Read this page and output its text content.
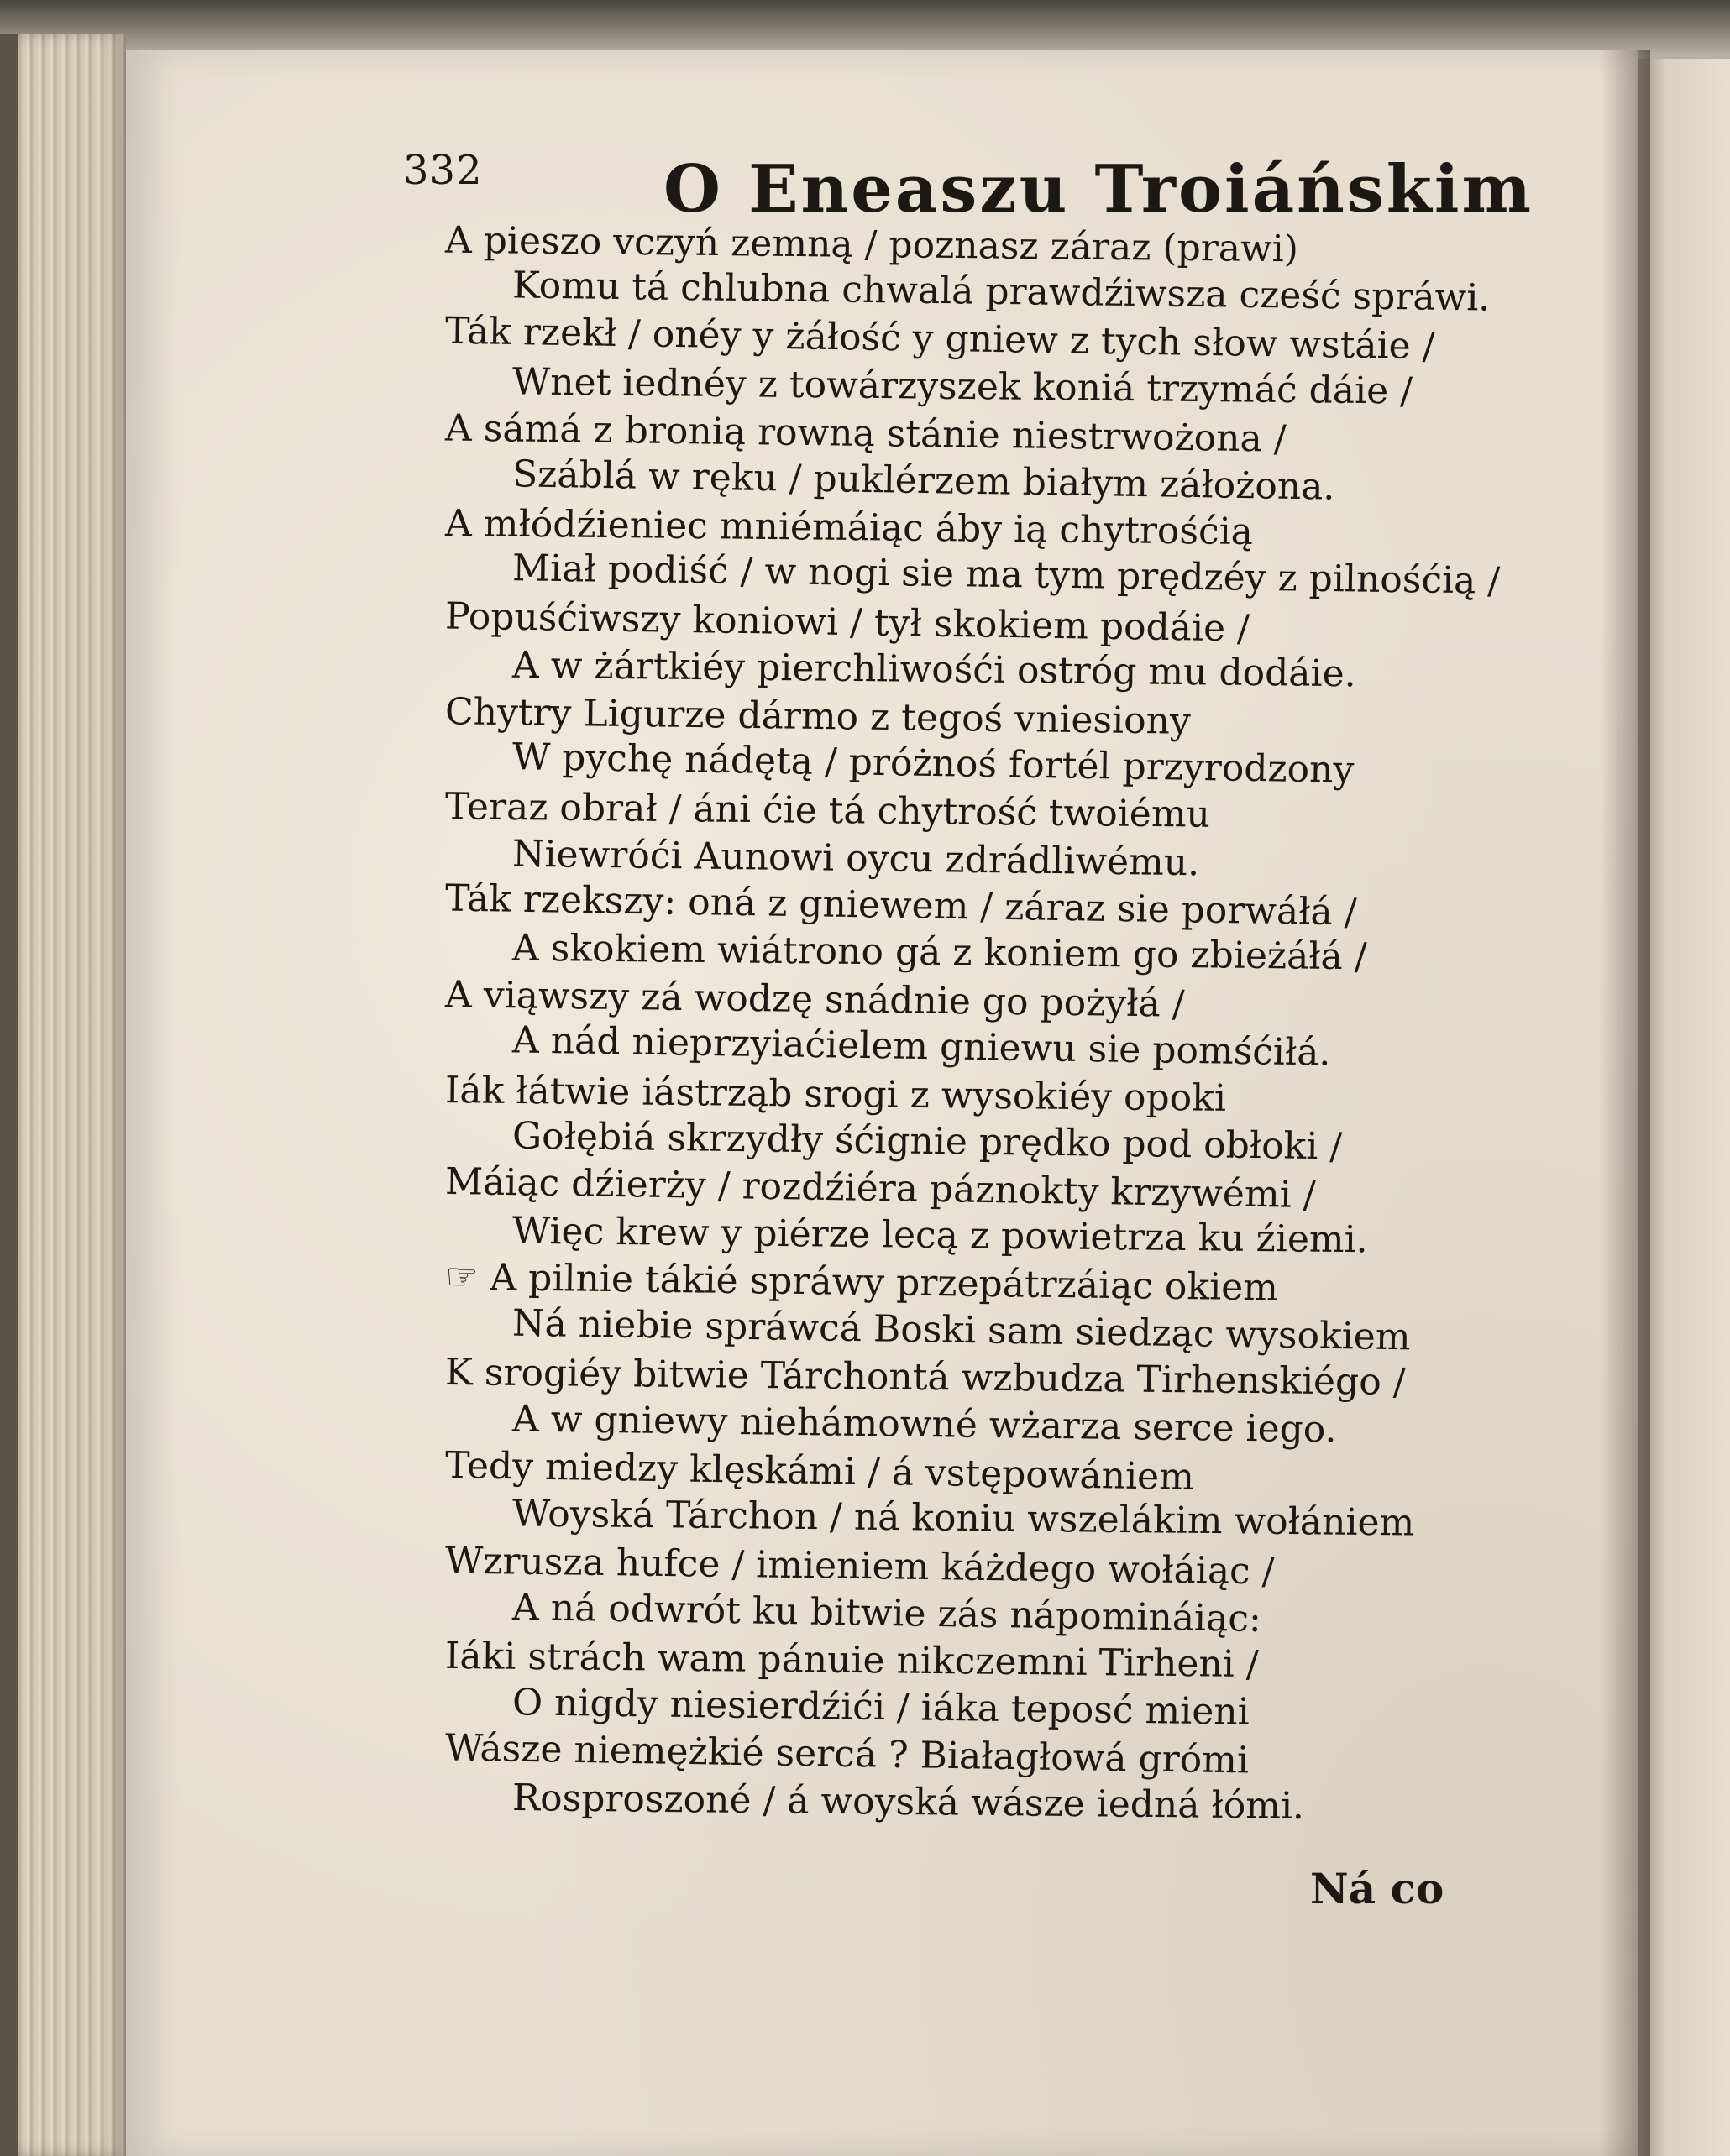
332	O Eneaszu Troiáńskim
A pieszo vczyń zemną / poznasz záraz (prawi)
Komu tá chlubna chwalá prawdźiwsza cześć spráwi.
Ták rzekł / onéy y żáłość y gniew z tych słow wstáie /
Wnet iednéy z towárzyszek koniá trzymáć dáie /
A sámá z bronią rowną stánie niestrwożona /
Száblá w ręku / puklérzem białym záłożona.
A młódźieniec mniémáiąc áby ią chytrośćią
Miał podiść / w nogi sie ma tym prędzéy z pilnośćią /
Popuśćiwszy koniowi / tył skokiem podáie /
A w żártkiéy pierchliwośći ostróg mu dodáie.
Chytry Ligurze dármo z tegoś vniesiony
W pychę nádętą / próżnoś fortél przyrodzony
Teraz obrał / áni ćie tá chytrość twoiému
Niewróći Aunowi oycu zdrádliwému.
Ták rzekszy: oná z gniewem / záraz sie porwáłá /
A skokiem wiátrono gá z koniem go zbieżáłá /
A viąwszy zá wodzę snádnie go pożyłá /
A nád nieprzyiaćielem gniewu sie pomśćiłá.
Iák łátwie iástrząb srogi z wysokiéy opoki
Gołębiá skrzydły śćignie prędko pod obłoki /
Máiąc dźierży / rozdźiéra páznokty krzywémi /
Więc krew y piérze lecą z powietrza ku źiemi.
☞ A pilnie tákié spráwy przepátrzáiąc okiem
Ná niebie spráwcá Boski sam siedząc wysokiem
K srogiéy bitwie Tárchontá wzbudza Tirhenskiégo /
A w gniewy niehámowné wżarza serce iego.
Tedy miedzy klęskámi / á vstępowániem
Woyská Tárchon / ná koniu wszelákim wołániem
Wzrusza hufce / imieniem káżdego wołáiąc /
A ná odwrót ku bitwie zás nápomináiąc:
Iáki strách wam pánuie nikczemni Tirheni /
O nigdy niesierdźići / iáka teposć mieni
Wásze niemężkié sercá ? Białagłowá grómi
Rosproszoné / á woyská wásze iedná łómi.
Ná co
